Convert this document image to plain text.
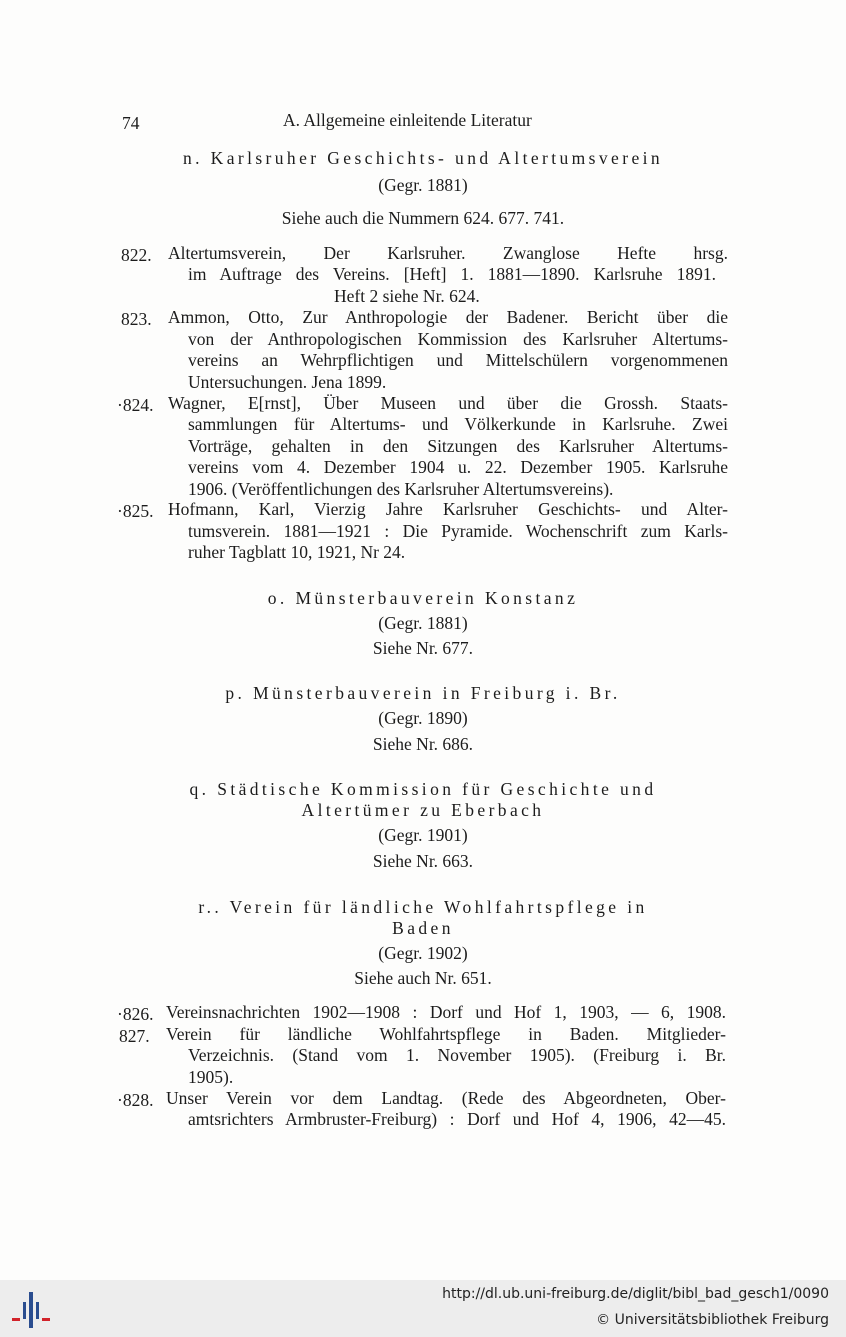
74	A. Allgemeine einleitende Literatur
n. Karlsruher Geschichts- und Altertumsverein
(Gegr. 1881)
Siehe auch die Nummern 624. 677. 741.
822. Altertumsverein, Der Karlsruher. Zwanglose Hefte hrsg.
im Auftrage des Vereins. [Heft] 1. 1881—1890. Karlsruhe 1891.
Heft 2 siehe Nr. 624.
823. Ammon, Otto, Zur Anthropologie der Badener. Bericht über die
von der Anthropologischen Kommission des Karlsruher Altertums-
vereins an Wehrpflichtigen und Mittelschülern vorgenommenen
Untersuchungen. Jena 1899.
·824. Wagner, E[rnst], Über Museen und über die Grossh. Staats-
sammlungen für Altertums- und Völkerkunde in Karlsruhe. Zwei
Vorträge, gehalten in den Sitzungen des Karlsruher Altertums-
vereins vom 4. Dezember 1904 u. 22. Dezember 1905. Karlsruhe
1906. (Veröffentlichungen des Karlsruher Altertumsvereins).
·825. Hofmann, Karl, Vierzig Jahre Karlsruher Geschichts- und Alter-
tumsverein. 1881—1921 : Die Pyramide. Wochenschrift zum Karls-
ruher Tagblatt 10, 1921, Nr 24.
o. Münsterbauverein Konstanz
(Gegr. 1881)
Siehe Nr. 677.
p. Münsterbauverein in Freiburg i. Br.
(Gegr. 1890)
Siehe Nr. 686.
q. Städtische Kommission für Geschichte und
Altertümer zu Eberbach
(Gegr. 1901)
Siehe Nr. 663.
r.. Verein für ländliche Wohlfahrtspflege in
Baden
(Gegr. 1902)
Siehe auch Nr. 651.
·826. Vereinsnachrichten 1902—1908 : Dorf und Hof 1, 1903, — 6, 1908.
827. Verein für ländliche Wohlfahrtspflege in Baden. Mitglieder-
Verzeichnis. (Stand vom 1. November 1905). (Freiburg i. Br.
1905).
·828. Unser Verein vor dem Landtag. (Rede des Abgeordneten, Ober-
amtsrichters Armbruster-Freiburg) : Dorf und Hof 4, 1906, 42—45.
http://dl.ub.uni-freiburg.de/diglit/bibl_bad_gesch1/0090
© Universitätsbibliothek Freiburg
